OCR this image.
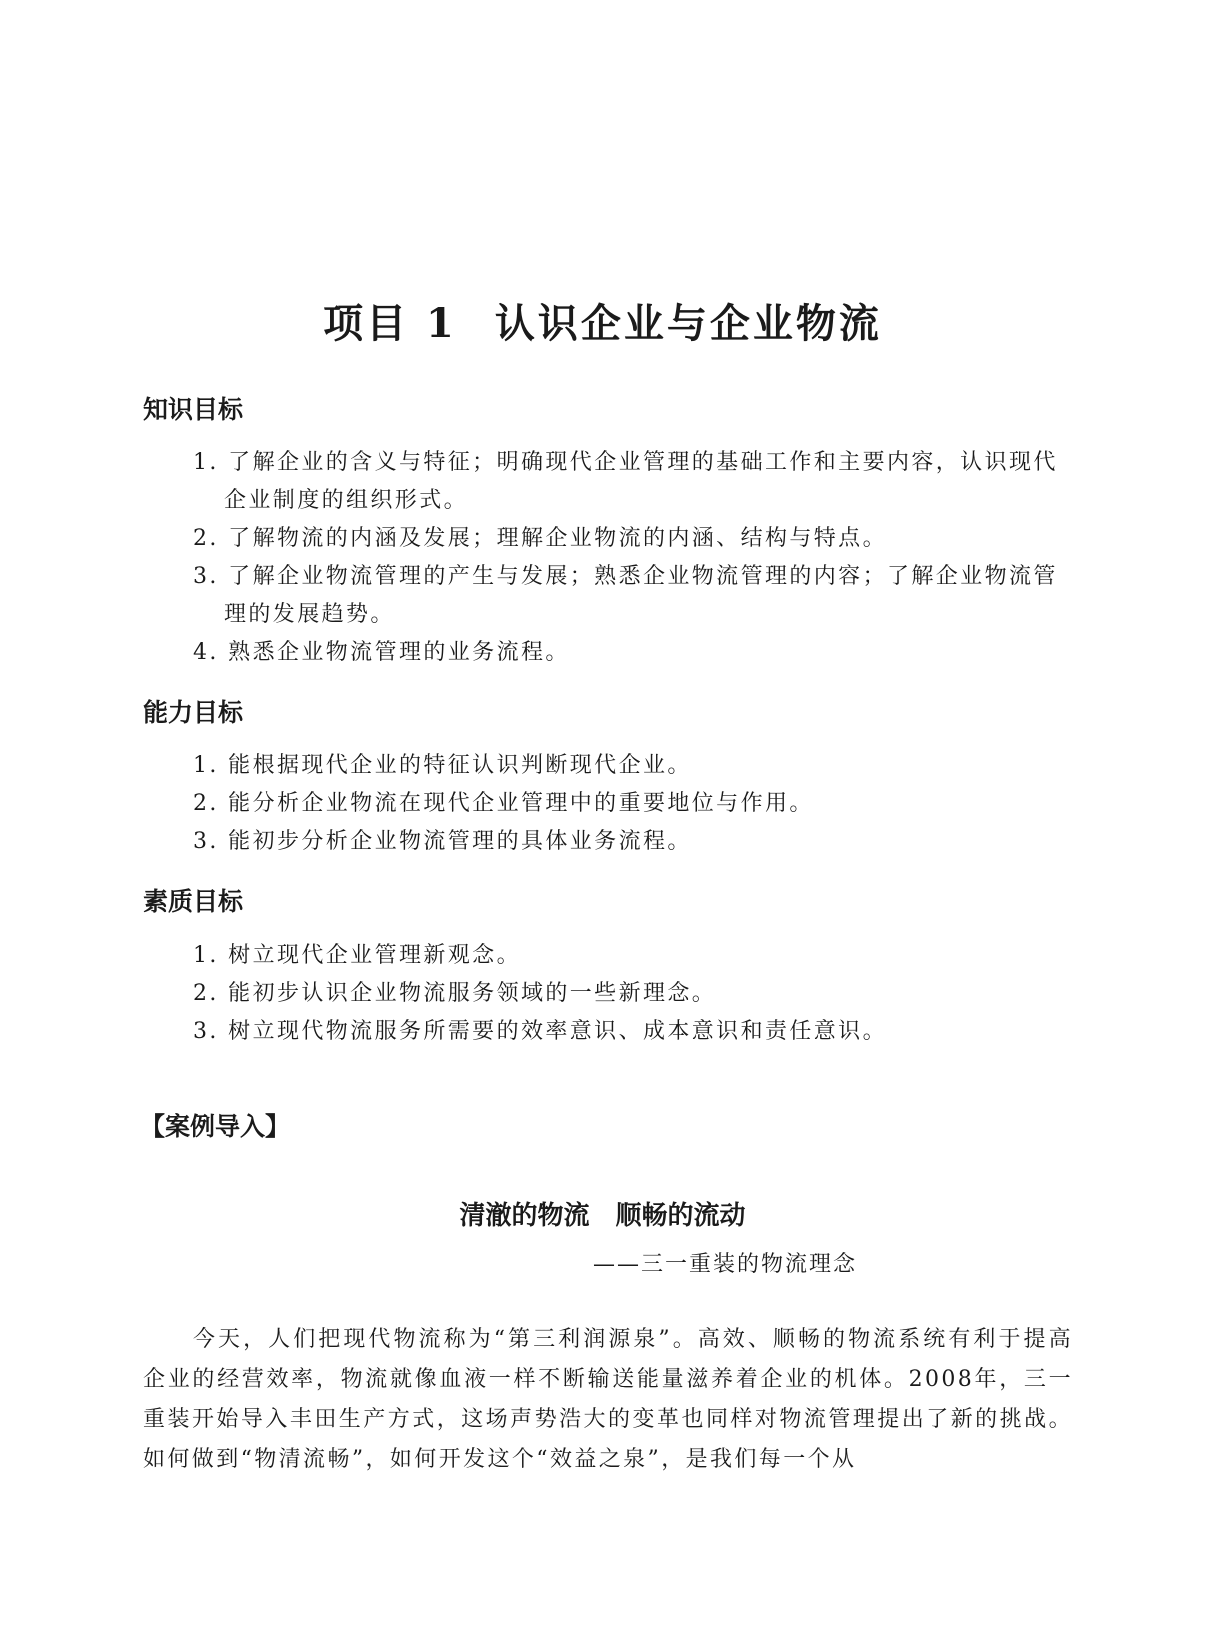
项目 1 认识企业与企业物流
知识目标
1. 了解企业的含义与特征；明确现代企业管理的基础工作和主要内容，认识现代企业制度的组织形式。
2. 了解物流的内涵及发展；理解企业物流的内涵、结构与特点。
3. 了解企业物流管理的产生与发展；熟悉企业物流管理的内容；了解企业物流管理的发展趋势。
4. 熟悉企业物流管理的业务流程。
能力目标
1. 能根据现代企业的特征认识判断现代企业。
2. 能分析企业物流在现代企业管理中的重要地位与作用。
3. 能初步分析企业物流管理的具体业务流程。
素质目标
1. 树立现代企业管理新观念。
2. 能初步认识企业物流服务领域的一些新理念。
3. 树立现代物流服务所需要的效率意识、成本意识和责任意识。
【案例导入】
清澈的物流 顺畅的流动

——三一重装的物流理念

今天，人们把现代物流称为“第三利润源泉”。高效、顺畅的物流系统有利于提高企业的经营效率，物流就像血液一样不断输送能量滋养着企业的机体。2008年，三一重装开始导入丰田生产方式，这场声势浩大的变革也同样对物流管理提出了新的挑战。如何做到“物清流畅”，如何开发这个“效益之泉”，是我们每一个从
